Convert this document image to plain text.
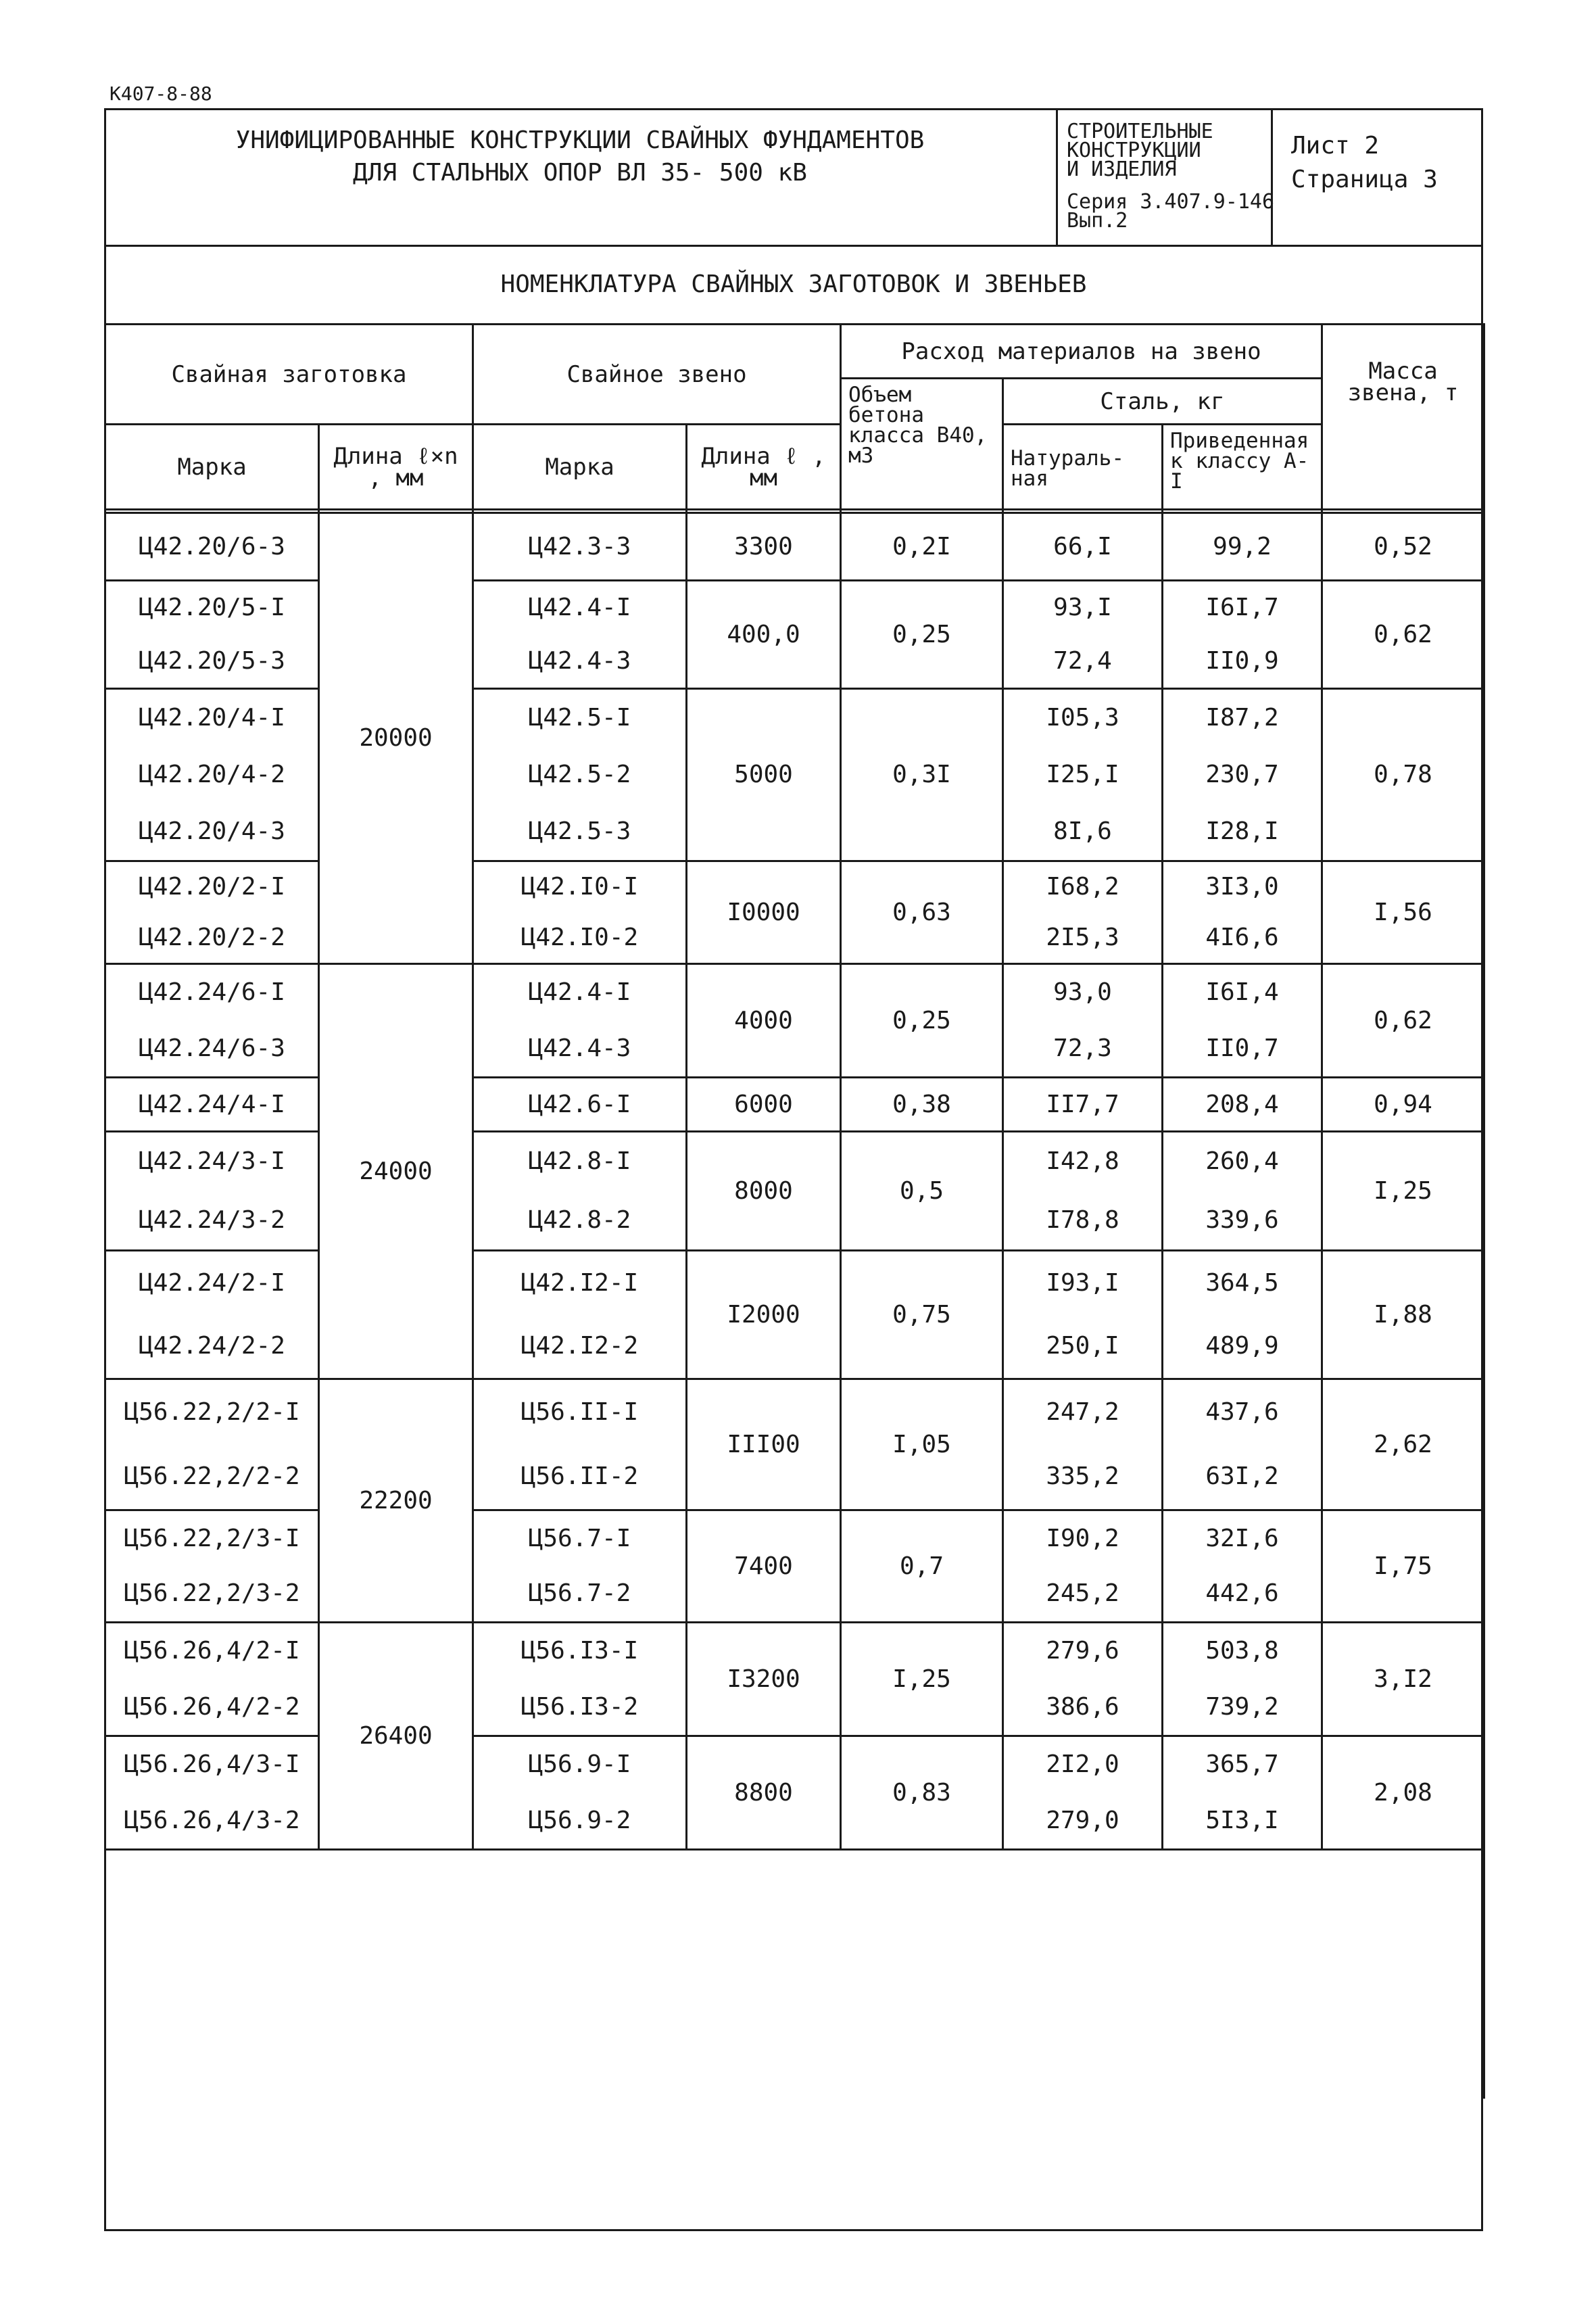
К407-8-88
УНИФИЦИРОВАННЫЕ КОНСТРУКЦИИ СВАЙНЫХ ФУНДАМЕНТОВ
ДЛЯ СТАЛЬНЫХ ОПОР ВЛ 35- 500 кВ
СТРОИТЕЛЬНЫЕ
КОНСТРУКЦИИ
И ИЗДЕЛИЯ
Серия 3.407.9-146
Вып.2
Лист 2
Страница 3
НОМЕНКЛАТУРА СВАЙНЫХ ЗАГОТОВОК И ЗВЕНЬЕВ
Свайная заготовка		Свайное звено		Расход материалов на звено			Масса звена, т
				Объем бетона класса В40, м3	Сталь, кг		
Марка	Длина ℓ×n , мм	Марка	Длина ℓ , мм		Натураль-ная	Приведенная к классу А-I	

Ц42.20/6-3	20000	Ц42.3-3	3300	0,2I	66,I	99,2	0,52
Ц42.20/5-I		Ц42.4-I	400,0	0,25	93,I	I6I,7	0,62
Ц42.20/5-3		Ц42.4-3			72,4	II0,9	
Ц42.20/4-I		Ц42.5-I	5000	0,3I	I05,3	I87,2	0,78
Ц42.20/4-2		Ц42.5-2			I25,I	230,7	
Ц42.20/4-3		Ц42.5-3			8I,6	I28,I	
Ц42.20/2-I		Ц42.I0-I	I0000	0,63	I68,2	3I3,0	I,56
Ц42.20/2-2		Ц42.I0-2			2I5,3	4I6,6	
Ц42.24/6-I	24000	Ц42.4-I	4000	0,25	93,0	I6I,4	0,62
Ц42.24/6-3		Ц42.4-3			72,3	II0,7	
Ц42.24/4-I		Ц42.6-I	6000	0,38	II7,7	208,4	0,94
Ц42.24/3-I		Ц42.8-I	8000	0,5	I42,8	260,4	I,25
Ц42.24/3-2		Ц42.8-2			I78,8	339,6	
Ц42.24/2-I		Ц42.I2-I	I2000	0,75	I93,I	364,5	I,88
Ц42.24/2-2		Ц42.I2-2			250,I	489,9	
Ц56.22,2/2-I	22200	Ц56.II-I	III00	I,05	247,2	437,6	2,62
Ц56.22,2/2-2		Ц56.II-2			335,2	63I,2	
Ц56.22,2/3-I		Ц56.7-I	7400	0,7	I90,2	32I,6	I,75
Ц56.22,2/3-2		Ц56.7-2			245,2	442,6	
Ц56.26,4/2-I	26400	Ц56.I3-I	I3200	I,25	279,6	503,8	3,I2
Ц56.26,4/2-2		Ц56.I3-2			386,6	739,2	
Ц56.26,4/3-I		Ц56.9-I	8800	0,83	2I2,0	365,7	2,08
Ц56.26,4/3-2		Ц56.9-2			279,0	5I3,I	
